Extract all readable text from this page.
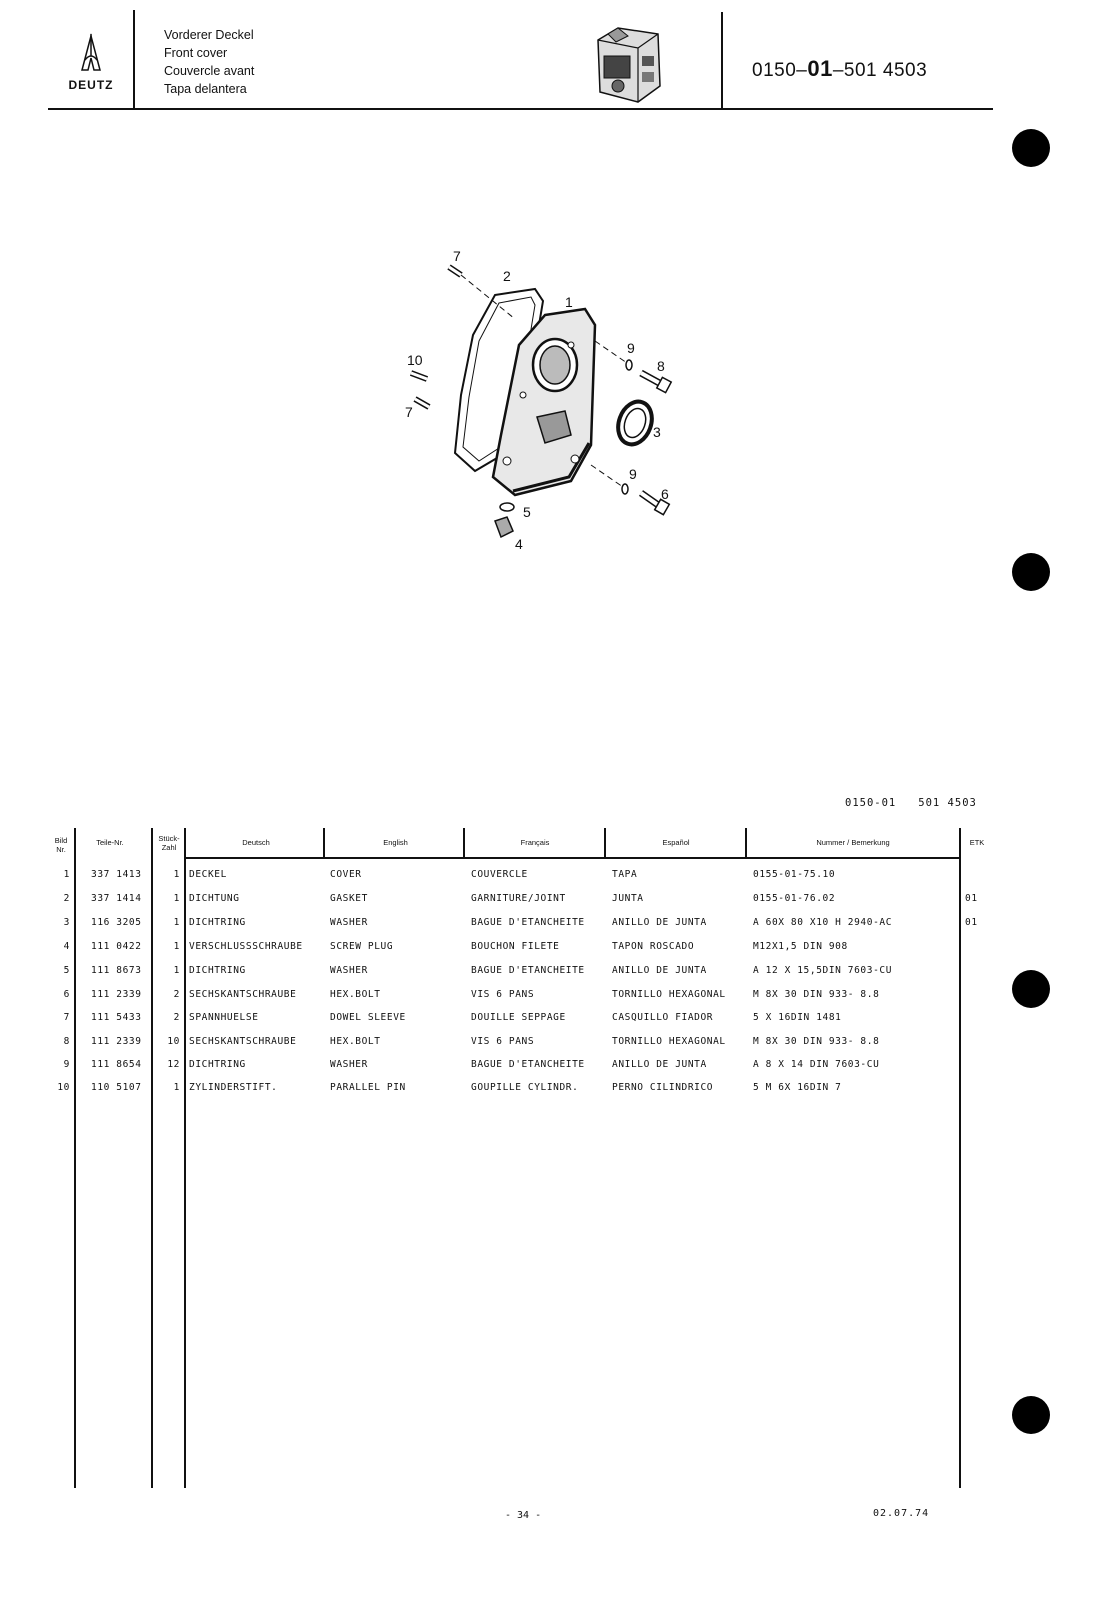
DEUTZ
Vorderer Deckel
Front cover
Couvercle avant
Tapa delantera
0150–01–501 4503
7
2
1
9
8
10
7
3
9
6
5
4
0150-01 501 4503
Bild Nr.
Teile-Nr.	Stück-Zahl
Deutsch	English	Français	Español	Nummer / Bemerkung	ETK
1 337 1413	1 DECKEL	COVER	COUVERCLE	TAPA	0155-01-75.10
2 337 1414	1 DICHTUNG	GASKET	GARNITURE/JOINT	JUNTA	0155-01-76.02	01
3 116 3205	1 DICHTRING	WASHER	BAGUE D'ETANCHEITE	ANILLO DE JUNTA	A 60X 80 X10 H 2940-AC	01
4 111 0422	1 VERSCHLUSSSCHRAUBE	SCREW PLUG	BOUCHON FILETE	TAPON ROSCADO	M12X1,5 DIN 908
5 111 8673	1 DICHTRING	WASHER	BAGUE D'ETANCHEITE	ANILLO DE JUNTA	A 12 X 15,5DIN 7603-CU
6 111 2339	2 SECHSKANTSCHRAUBE	HEX.BOLT	VIS 6 PANS	TORNILLO HEXAGONAL	M 8X 30 DIN 933- 8.8
7 111 5433	2 SPANNHUELSE	DOWEL SLEEVE	DOUILLE SEPPAGE	CASQUILLO FIADOR	5 X 16DIN 1481
8 111 2339	10 SECHSKANTSCHRAUBE	HEX.BOLT	VIS 6 PANS	TORNILLO HEXAGONAL	M 8X 30 DIN 933- 8.8
9 111 8654	12 DICHTRING	WASHER	BAGUE D'ETANCHEITE	ANILLO DE JUNTA	A 8 X 14 DIN 7603-CU
10 110 5107	1 ZYLINDERSTIFT.	PARALLEL PIN	GOUPILLE CYLINDR.	PERNO CILINDRICO	5 M 6X 16DIN 7
- 34 -	02.07.74
